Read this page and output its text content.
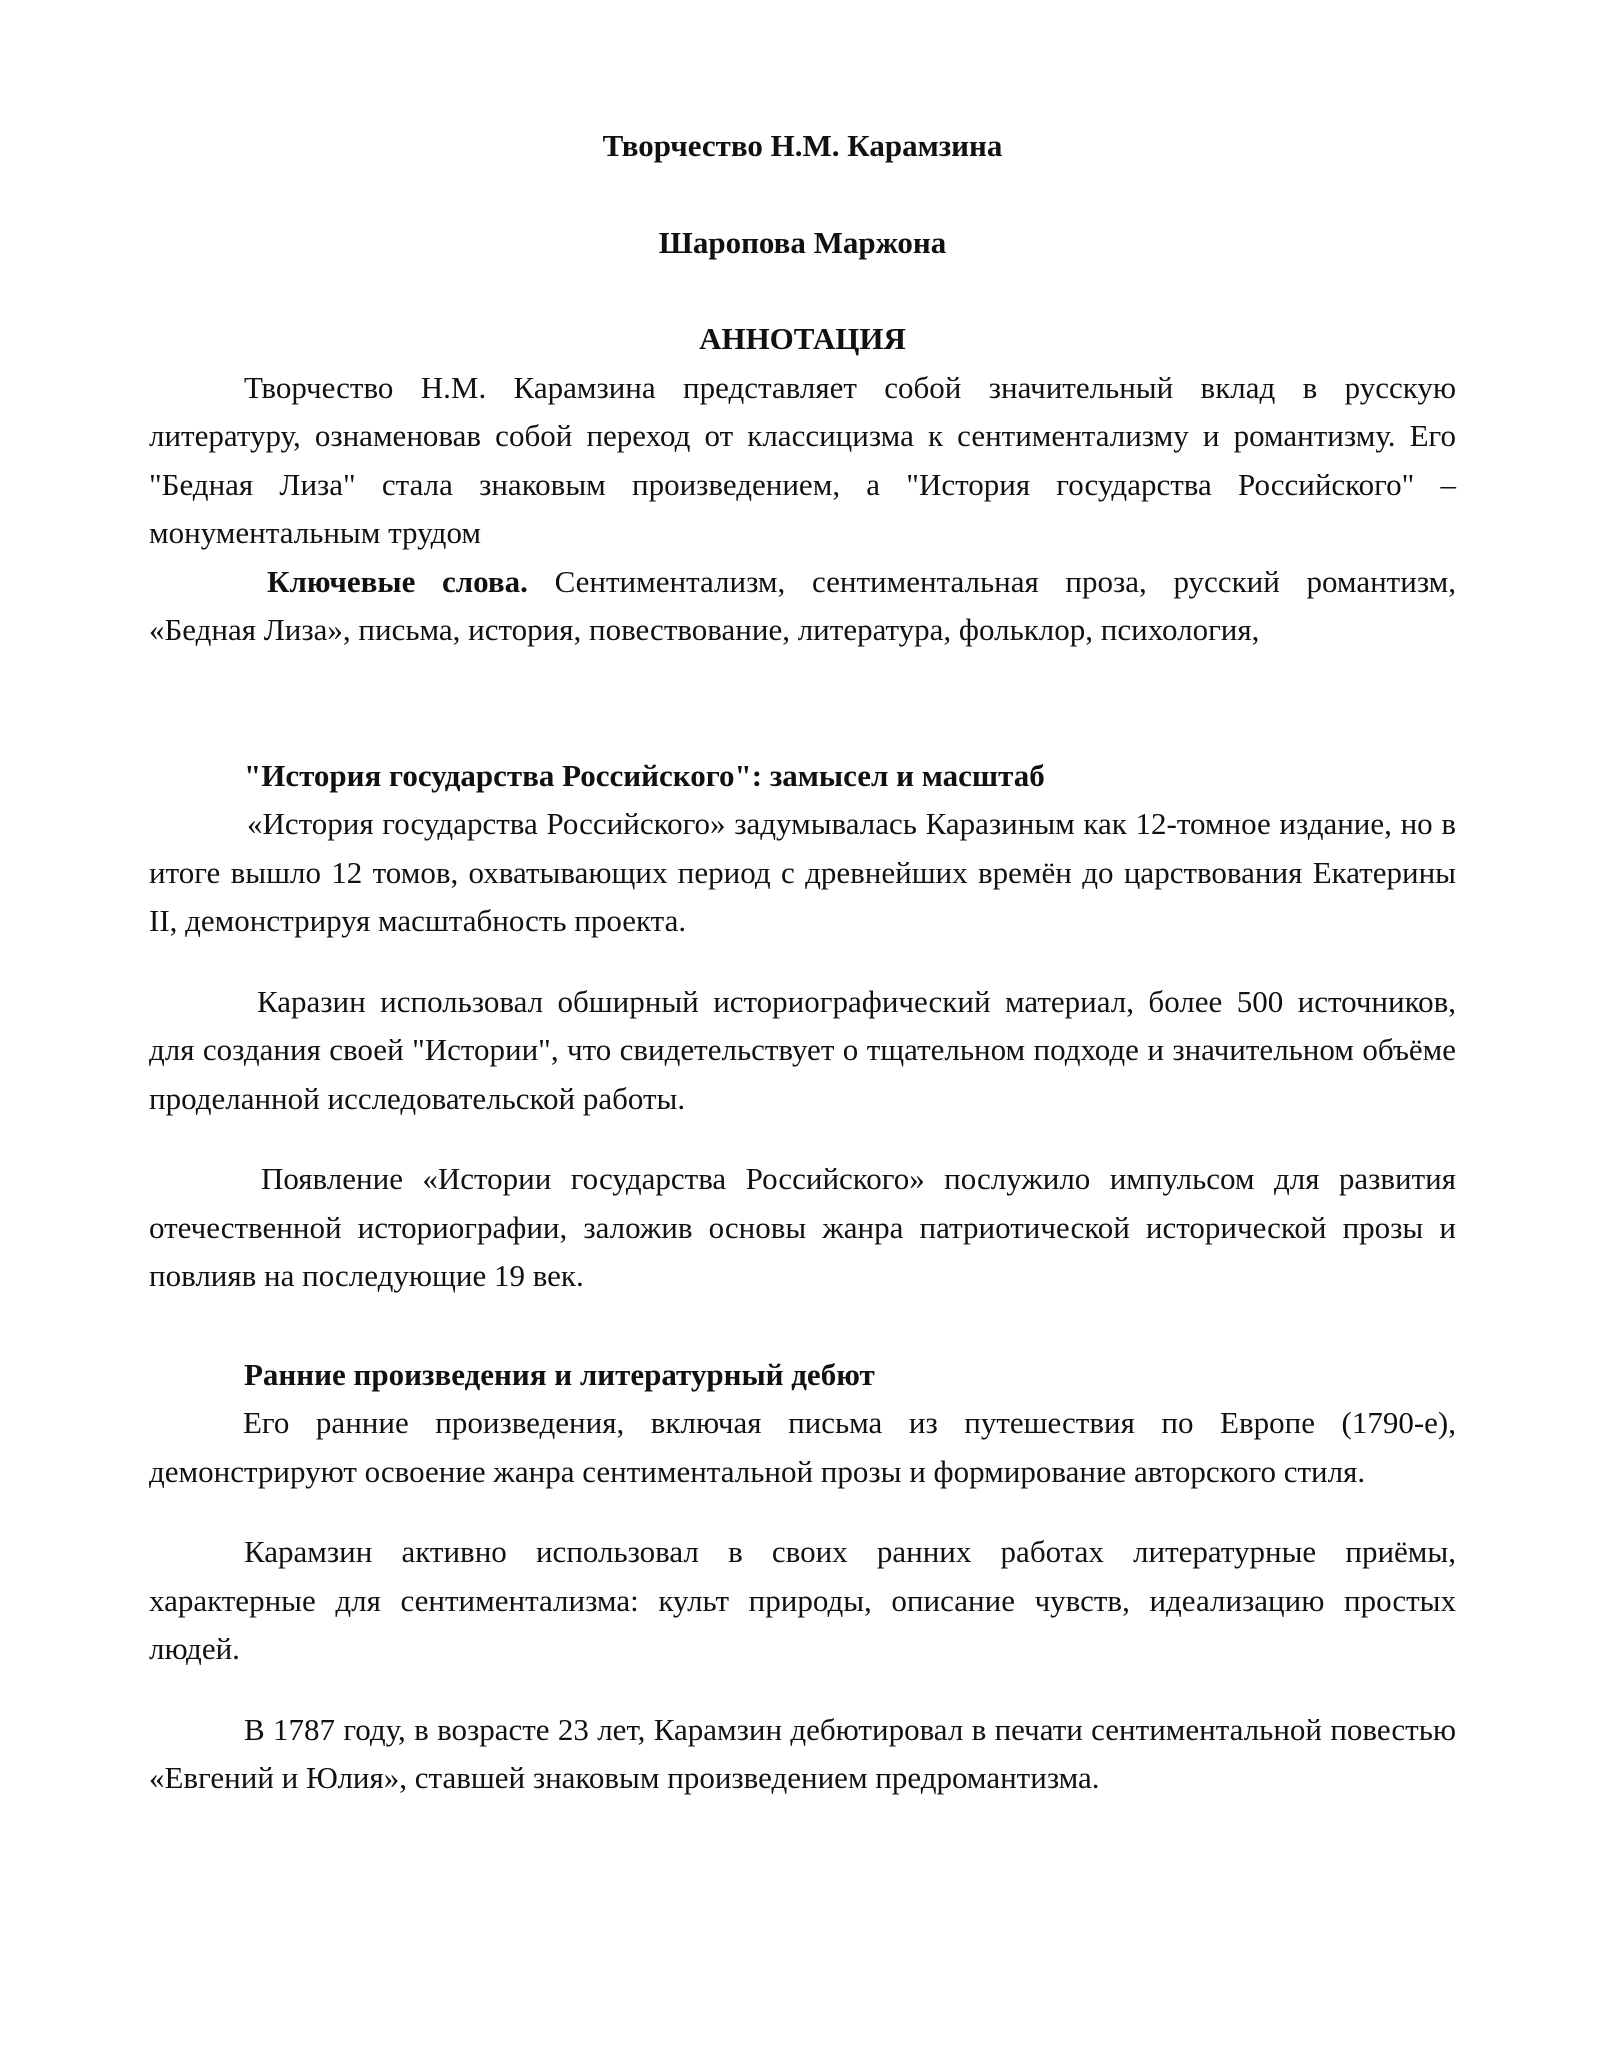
Творчество Н.М. Карамзина

Шаропова Маржона

АННОТАЦИЯ

Творчество Н.М. Карамзина представляет собой значительный вклад в русскую литературу, ознаменовав собой переход от классицизма к сентиментализму и романтизму. Его "Бедная Лиза" стала знаковым произведением, а "История государства Российского" – монументальным трудом

Ключевые слова. Сентиментализм, сентиментальная проза, русский романтизм, «Бедная Лиза», письма, история, повествование, литература, фольклор, психология,

"История государства Российского": замысел и масштаб

«История государства Российского» задумывалась Каразиным как 12-томное издание, но в итоге вышло 12 томов, охватывающих период с древнейших времён до царствования Екатерины II, демонстрируя масштабность проекта.

Каразин использовал обширный историографический материал, более 500 источников, для создания своей "Истории", что свидетельствует о тщательном подходе и значительном объёме проделанной исследовательской работы.

Появление «Истории государства Российского» послужило импульсом для развития отечественной историографии, заложив основы жанра патриотической исторической прозы и повлияв на последующие 19 век.

Ранние произведения и литературный дебют

Его ранние произведения, включая письма из путешествия по Европе (1790-е), демонстрируют освоение жанра сентиментальной прозы и формирование авторского стиля.

Карамзин активно использовал в своих ранних работах литературные приёмы, характерные для сентиментализма: культ природы, описание чувств, идеализацию простых людей.

В 1787 году, в возрасте 23 лет, Карамзин дебютировал в печати сентиментальной повестью «Евгений и Юлия», ставшей знаковым произведением предромантизма.
